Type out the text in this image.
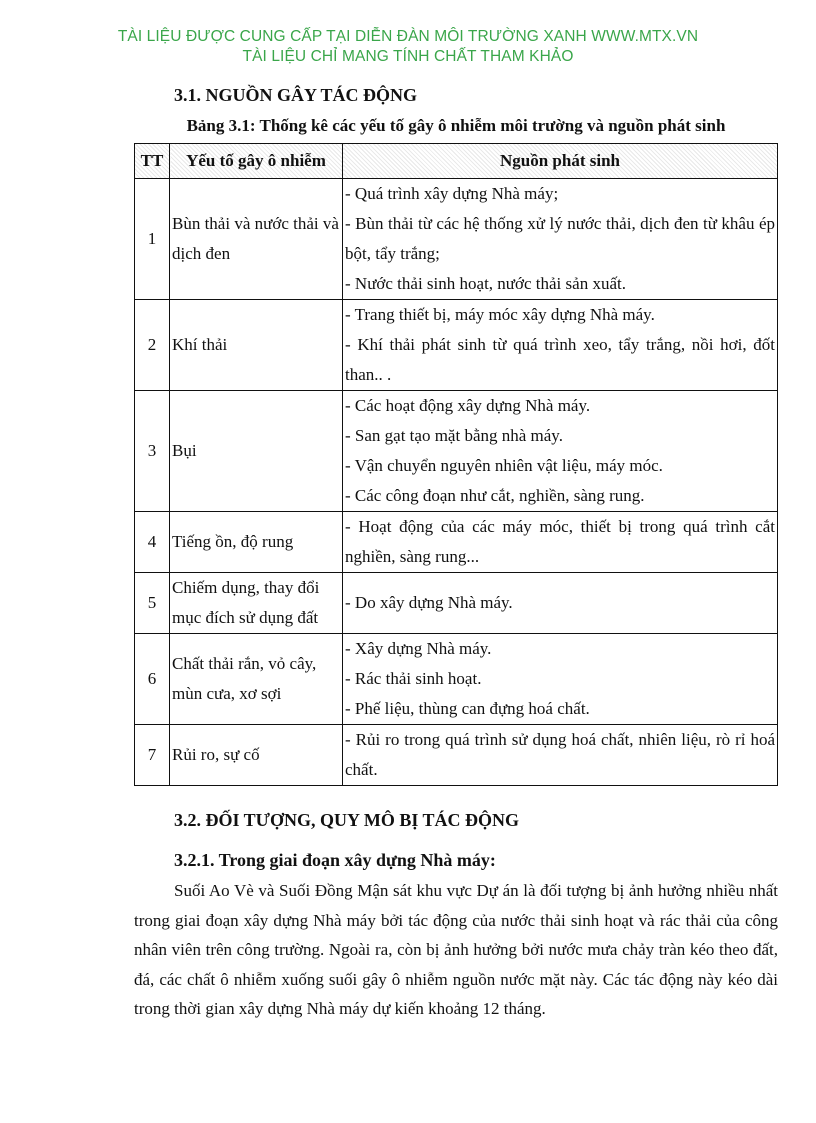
TÀI LIỆU ĐƯỢC CUNG CẤP TẠI DIỄN ĐÀN MÔI TRƯỜNG XANH WWW.MTX.VN
TÀI LIỆU CHỈ MANG TÍNH CHẤT THAM KHẢO
3.1. NGUỒN GÂY TÁC ĐỘNG
Bảng 3.1: Thống kê các yếu tố gây ô nhiễm môi trường và nguồn phát sinh
TT	Yếu tố gây ô nhiễm	Nguồn phát sinh
1	Bùn thải và nước thải và dịch đen	- Quá trình xây dựng Nhà máy;
- Bùn thải từ các hệ thống xử lý nước thải, dịch đen từ khâu ép bột, tẩy trắng;
- Nước thải sinh hoạt, nước thải sản xuất.

2	Khí thải	- Trang thiết bị, máy móc xây dựng Nhà máy.
- Khí thải phát sinh từ quá trình xeo, tẩy trắng, nồi hơi, đốt than.. .

3	Bụi	- Các hoạt động xây dựng Nhà máy.
- San gạt tạo mặt bằng nhà máy.
- Vận chuyển nguyên nhiên vật liệu, máy móc.
- Các công đoạn như cắt, nghiền, sàng rung.

4	Tiếng ồn, độ rung	- Hoạt động của các máy móc, thiết bị trong quá trình cắt nghiền, sàng rung...

5	Chiếm dụng, thay đổi mục đích sử dụng đất	- Do xây dựng Nhà máy.

6	Chất thải rắn, vỏ cây, mùn cưa, xơ sợi	- Xây dựng Nhà máy.
- Rác thải sinh hoạt.
- Phế liệu, thùng can đựng hoá chất.

7	Rủi ro, sự cố	- Rủi ro trong quá trình sử dụng hoá chất, nhiên liệu, rò rỉ hoá chất.
3.2. ĐỐI TƯỢNG, QUY MÔ BỊ TÁC ĐỘNG
3.2.1. Trong giai đoạn xây dựng Nhà máy:
Suối Ao Vè và Suối Đồng Mận sát khu vực Dự án là đối tượng bị ảnh hưởng nhiều nhất trong giai đoạn xây dựng Nhà máy bởi tác động của nước thải sinh hoạt và rác thải của công nhân viên trên công trường. Ngoài ra, còn bị ảnh hưởng bởi nước mưa chảy tràn kéo theo đất, đá, các chất ô nhiễm xuống suối gây ô nhiễm nguồn nước mặt này. Các tác động này kéo dài trong thời gian xây dựng Nhà máy dự kiến khoảng 12 tháng.
